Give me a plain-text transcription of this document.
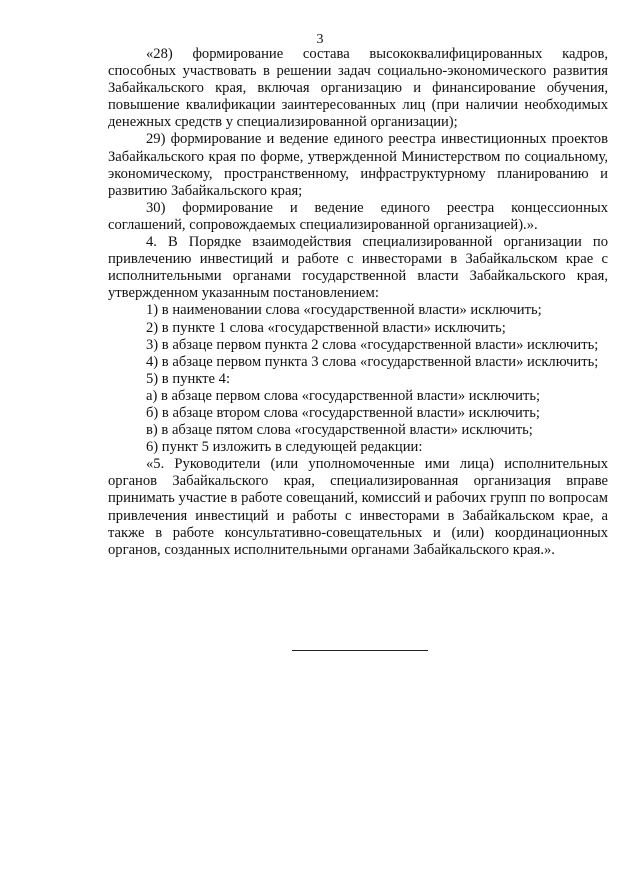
3

«28) формирование состава высококвалифицированных кадров, способных участвовать в решении задач социально-экономического развития Забайкальского края, включая организацию и финансирование обучения, повышение квалификации заинтересованных лиц (при наличии необходимых денежных средств у специализированной организации);

29) формирование и ведение единого реестра инвестиционных проектов Забайкальского края по форме, утвержденной Министерством по социальному, экономическому, пространственному, инфраструктурному планированию и развитию Забайкальского края;

30) формирование и ведение единого реестра концессионных соглашений, сопровождаемых специализированной организацией).».

4. В Порядке взаимодействия специализированной организации по привлечению инвестиций и работе с инвесторами в Забайкальском крае с исполнительными органами государственной власти Забайкальского края, утвержденном указанным постановлением:

1) в наименовании слова «государственной власти» исключить;

2) в пункте 1 слова «государственной власти» исключить;

3) в абзаце первом пункта 2 слова «государственной власти» исключить;

4) в абзаце первом пункта 3 слова «государственной власти» исключить;

5) в пункте 4:

а) в абзаце первом слова «государственной власти» исключить;

б) в абзаце втором слова «государственной власти» исключить;

в) в абзаце пятом слова «государственной власти» исключить;

6) пункт 5 изложить в следующей редакции:

«5. Руководители (или уполномоченные ими лица) исполнительных органов Забайкальского края, специализированная организация вправе принимать участие в работе совещаний, комиссий и рабочих групп по вопросам привлечения инвестиций и работы с инвесторами в Забайкальском крае, а также в работе консультативно-совещательных и (или) координационных органов, созданных исполнительными органами Забайкальского края.».
